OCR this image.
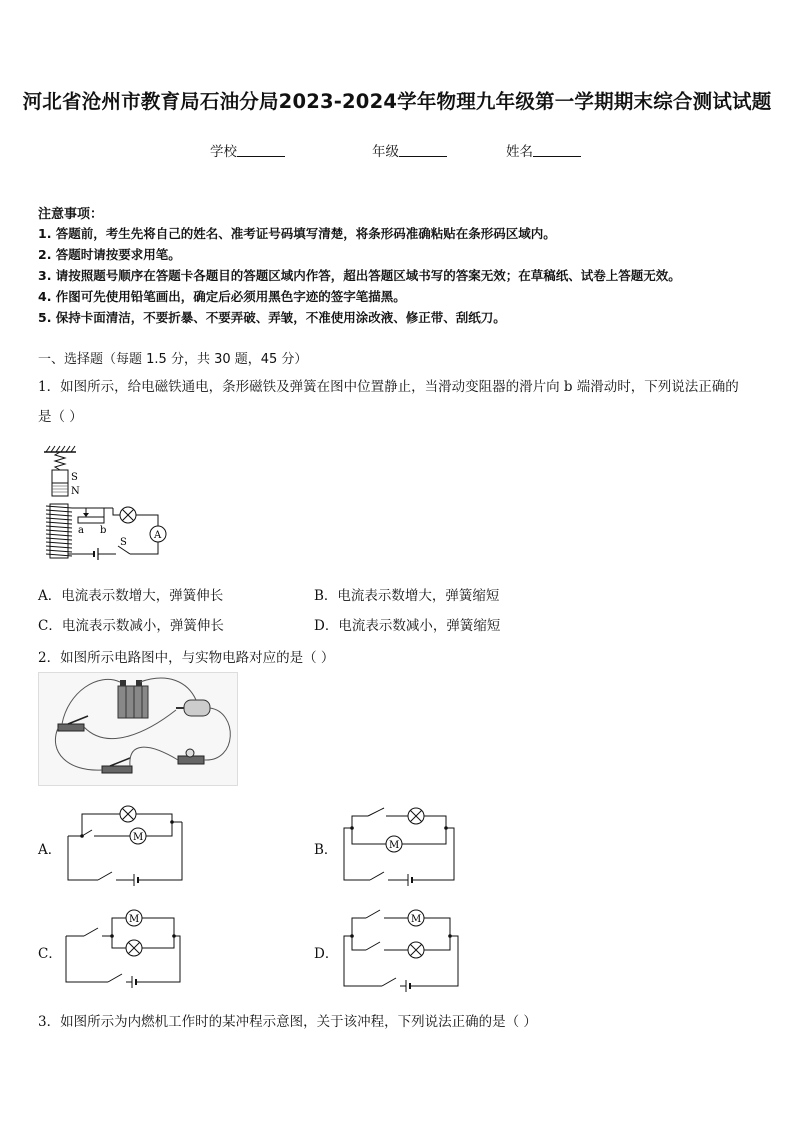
河北省沧州市教育局石油分局2023-2024学年物理九年级第一学期期末综合测试试题
学校	年级	姓名
注意事项：
1. 答题前，考生先将自己的姓名、准考证号码填写清楚，将条形码准确粘贴在条形码区域内。
2. 答题时请按要求用笔。
3. 请按照题号顺序在答题卡各题目的答题区域内作答，超出答题区域书写的答案无效；在草稿纸、试卷上答题无效。
4. 作图可先使用铅笔画出，确定后必须用黑色字迹的签字笔描黑。
5. 保持卡面清洁，不要折暴、不要弄破、弄皱，不准使用涂改液、修正带、刮纸刀。
一、选择题（每题 1.5 分，共 30 题，45 分）
1．如图所示，给电磁铁通电，条形磁铁及弹簧在图中位置静止，当滑动变阻器的滑片向 b 端滑动时，下列说法正确的
是（ ）
S
N
a b	A
S
A．电流表示数增大，弹簧伸长	B．电流表示数增大，弹簧缩短
C．电流表示数减小，弹簧伸长	D．电流表示数减小，弹簧缩短
2．如图所示电路图中，与实物电路对应的是（ ）
A．	B．
C．	D．
M
M
M	M
3．如图所示为内燃机工作时的某冲程示意图，关于该冲程，下列说法正确的是（ ）
